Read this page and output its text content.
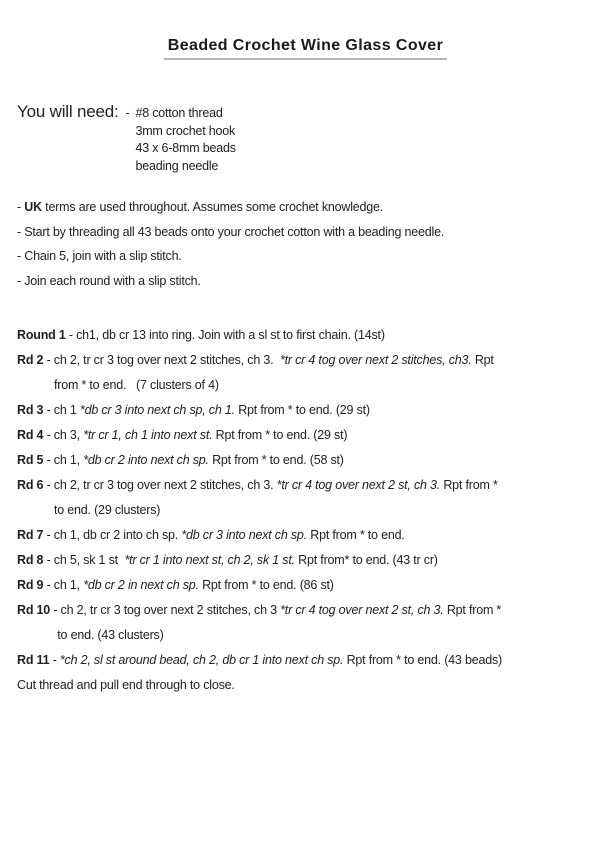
Beaded Crochet Wine Glass Cover
You will need: - #8 cotton thread
3mm crochet hook
43 x 6-8mm beads
beading needle
- UK terms are used throughout. Assumes some crochet knowledge.
- Start by threading all 43 beads onto your crochet cotton with a beading needle.
- Chain 5, join with a slip stitch.
- Join each round with a slip stitch.
Round 1 - ch1, db cr 13 into ring. Join with a sl st to first chain. (14st)
Rd 2 - ch 2, tr cr 3 tog over next 2 stitches, ch 3.  *tr cr 4 tog over next 2 stitches, ch3. Rpt
from * to end.   (7 clusters of 4)
Rd 3 - ch 1 *db cr 3 into next ch sp, ch 1. Rpt from * to end. (29 st)
Rd 4 - ch 3, *tr cr 1, ch 1 into next st. Rpt from * to end. (29 st)
Rd 5 - ch 1, *db cr 2 into next ch sp. Rpt from * to end. (58 st)
Rd 6 - ch 2, tr cr 3 tog over next 2 stitches, ch 3. *tr cr 4 tog over next 2 st, ch 3. Rpt from *
to end. (29 clusters)
Rd 7 - ch 1, db cr 2 into ch sp. *db cr 3 into next ch sp. Rpt from * to end.
Rd 8 - ch 5, sk 1 st  *tr cr 1 into next st, ch 2, sk 1 st. Rpt from* to end. (43 tr cr)
Rd 9 - ch 1, *db cr 2 in next ch sp. Rpt from * to end. (86 st)
Rd 10 - ch 2, tr cr 3 tog over next 2 stitches, ch 3 *tr cr 4 tog over next 2 st, ch 3. Rpt from *
to end. (43 clusters)
Rd 11 - *ch 2, sl st around bead, ch 2, db cr 1 into next ch sp. Rpt from * to end. (43 beads)
Cut thread and pull end through to close.
